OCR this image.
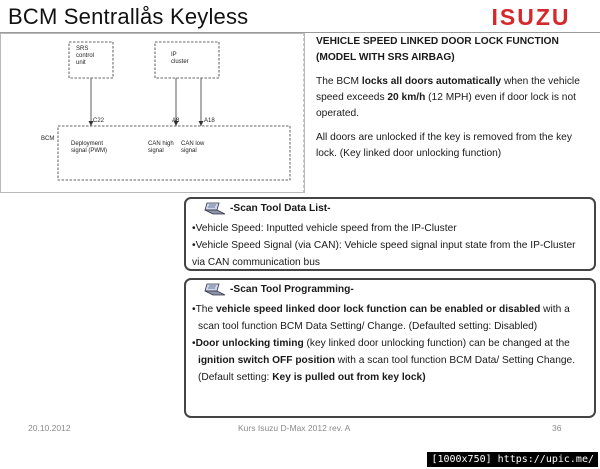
BCM Sentrallås Keyless	ISUZU
SRS
control
unit
IP
cluster
BCM
C22	A8	A18
Deployment
signal (PWM)
CAN high
signal
CAN low
signal

VEHICLE SPEED LINKED DOOR LOCK FUNCTION (MODEL WITH SRS AIRBAG)

The BCM locks all doors automatically when the vehicle speed exceeds 20 km/h (12 MPH) even if door lock is not operated.

All doors are unlocked if the key is removed from the key lock. (Key linked door unlocking function)

-Scan Tool Data List-
•Vehicle Speed: Inputted vehicle speed from the IP-Cluster
•Vehicle Speed Signal (via CAN): Vehicle speed signal input state from the IP-Cluster
via CAN communication bus
-Scan Tool Programming-
•The vehicle speed linked door lock function can be enabled or disabled with a
scan tool function BCM Data Setting/ Change. (Defaulted setting: Disabled)
•Door unlocking timing (key linked door unlocking function) can be changed at the
ignition switch OFF position with a scan tool function BCM Data/ Setting Change.
(Default setting: Key is pulled out from key lock)
20.10.2012	Kurs Isuzu D-Max 2012 rev. A	36
[1000x750] https://upic.me/
